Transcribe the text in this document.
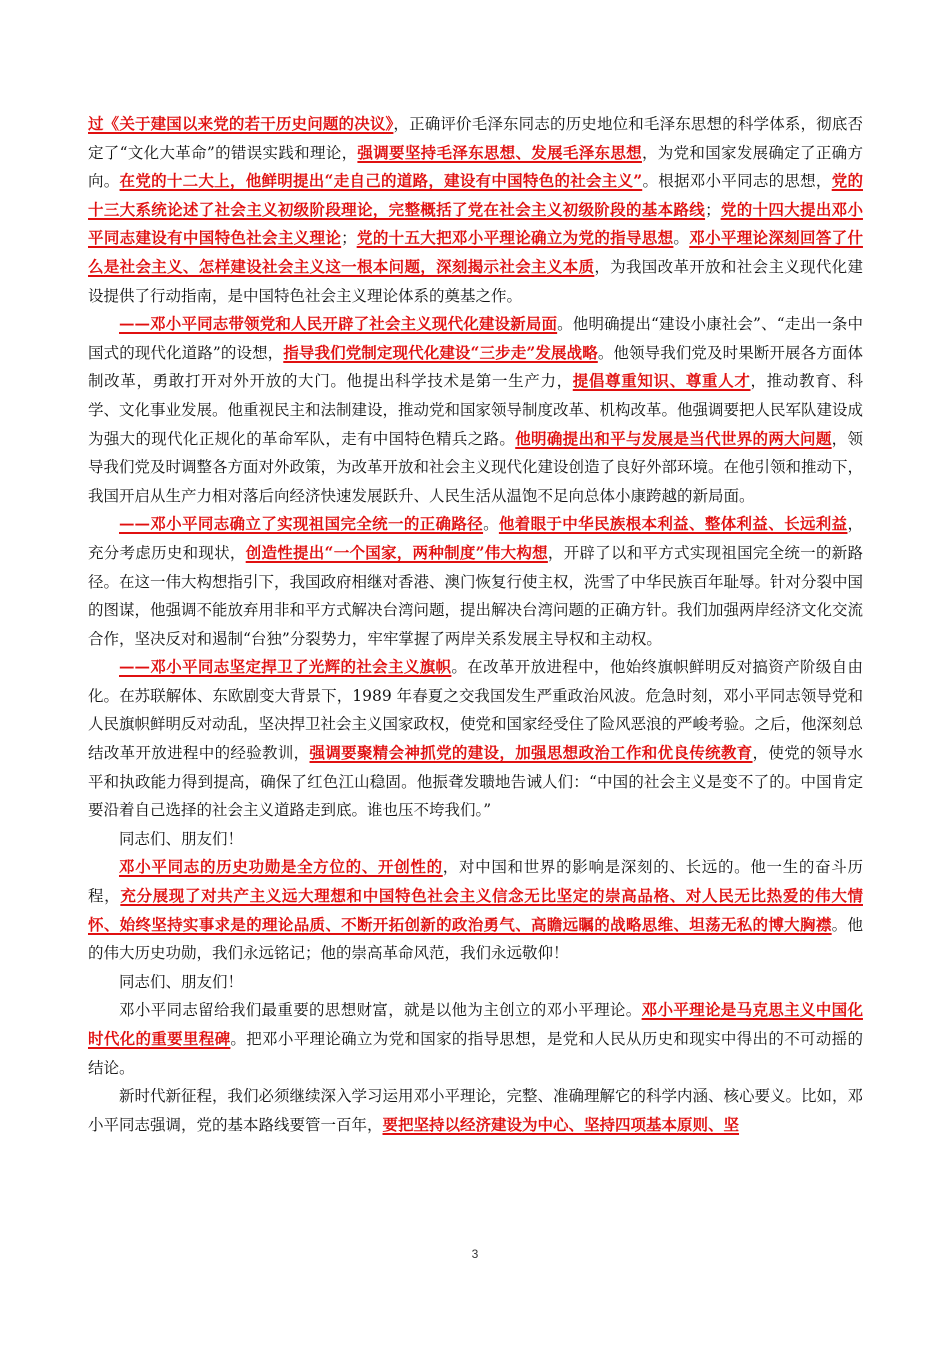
过《关于建国以来党的若干历史问题的决议》，正确评价毛泽东同志的历史地位和毛泽东思想的科学体系，彻底否定了“文化大革命”的错误实践和理论，强调要坚持毛泽东思想、发展毛泽东思想，为党和国家发展确定了正确方向。在党的十二大上，他鲜明提出“走自己的道路，建设有中国特色的社会主义”。根据邓小平同志的思想，党的十三大系统论述了社会主义初级阶段理论，完整概括了党在社会主义初级阶段的基本路线；党的十四大提出邓小平同志建设有中国特色社会主义理论；党的十五大把邓小平理论确立为党的指导思想。邓小平理论深刻回答了什么是社会主义、怎样建设社会主义这一根本问题，深刻揭示社会主义本质，为我国改革开放和社会主义现代化建设提供了行动指南，是中国特色社会主义理论体系的奠基之作。

——邓小平同志带领党和人民开辟了社会主义现代化建设新局面。他明确提出“建设小康社会”、“走出一条中国式的现代化道路”的设想，指导我们党制定现代化建设“三步走”发展战略。他领导我们党及时果断开展各方面体制改革，勇敢打开对外开放的大门。他提出科学技术是第一生产力，提倡尊重知识、尊重人才，推动教育、科学、文化事业发展。他重视民主和法制建设，推动党和国家领导制度改革、机构改革。他强调要把人民军队建设成为强大的现代化正规化的革命军队，走有中国特色精兵之路。他明确提出和平与发展是当代世界的两大问题，领导我们党及时调整各方面对外政策，为改革开放和社会主义现代化建设创造了良好外部环境。在他引领和推动下，我国开启从生产力相对落后向经济快速发展跃升、人民生活从温饱不足向总体小康跨越的新局面。

——邓小平同志确立了实现祖国完全统一的正确路径。他着眼于中华民族根本利益、整体利益、长远利益，充分考虑历史和现状，创造性提出“一个国家，两种制度”伟大构想，开辟了以和平方式实现祖国完全统一的新路径。在这一伟大构想指引下，我国政府相继对香港、澳门恢复行使主权，洗雪了中华民族百年耻辱。针对分裂中国的图谋，他强调不能放弃用非和平方式解决台湾问题，提出解决台湾问题的正确方针。我们加强两岸经济文化交流合作，坚决反对和遏制“台独”分裂势力，牢牢掌握了两岸关系发展主导权和主动权。

——邓小平同志坚定捍卫了光辉的社会主义旗帜。在改革开放进程中，他始终旗帜鲜明反对搞资产阶级自由化。在苏联解体、东欧剧变大背景下，1989 年春夏之交我国发生严重政治风波。危急时刻，邓小平同志领导党和人民旗帜鲜明反对动乱，坚决捍卫社会主义国家政权，使党和国家经受住了险风恶浪的严峻考验。之后，他深刻总结改革开放进程中的经验教训，强调要聚精会神抓党的建设，加强思想政治工作和优良传统教育，使党的领导水平和执政能力得到提高，确保了红色江山稳固。他振聋发聩地告诫人们：“中国的社会主义是变不了的。中国肯定要沿着自己选择的社会主义道路走到底。谁也压不垮我们。”

同志们、朋友们！

邓小平同志的历史功勋是全方位的、开创性的，对中国和世界的影响是深刻的、长远的。他一生的奋斗历程，充分展现了对共产主义远大理想和中国特色社会主义信念无比坚定的崇高品格、对人民无比热爱的伟大情怀、始终坚持实事求是的理论品质、不断开拓创新的政治勇气、高瞻远瞩的战略思维、坦荡无私的博大胸襟。他的伟大历史功勋，我们永远铭记；他的崇高革命风范，我们永远敬仰！

同志们、朋友们！

邓小平同志留给我们最重要的思想财富，就是以他为主创立的邓小平理论。邓小平理论是马克思主义中国化时代化的重要里程碑。把邓小平理论确立为党和国家的指导思想，是党和人民从历史和现实中得出的不可动摇的结论。

新时代新征程，我们必须继续深入学习运用邓小平理论，完整、准确理解它的科学内涵、核心要义。比如，邓小平同志强调，党的基本路线要管一百年，要把坚持以经济建设为中心、坚持四项基本原则、坚

3
